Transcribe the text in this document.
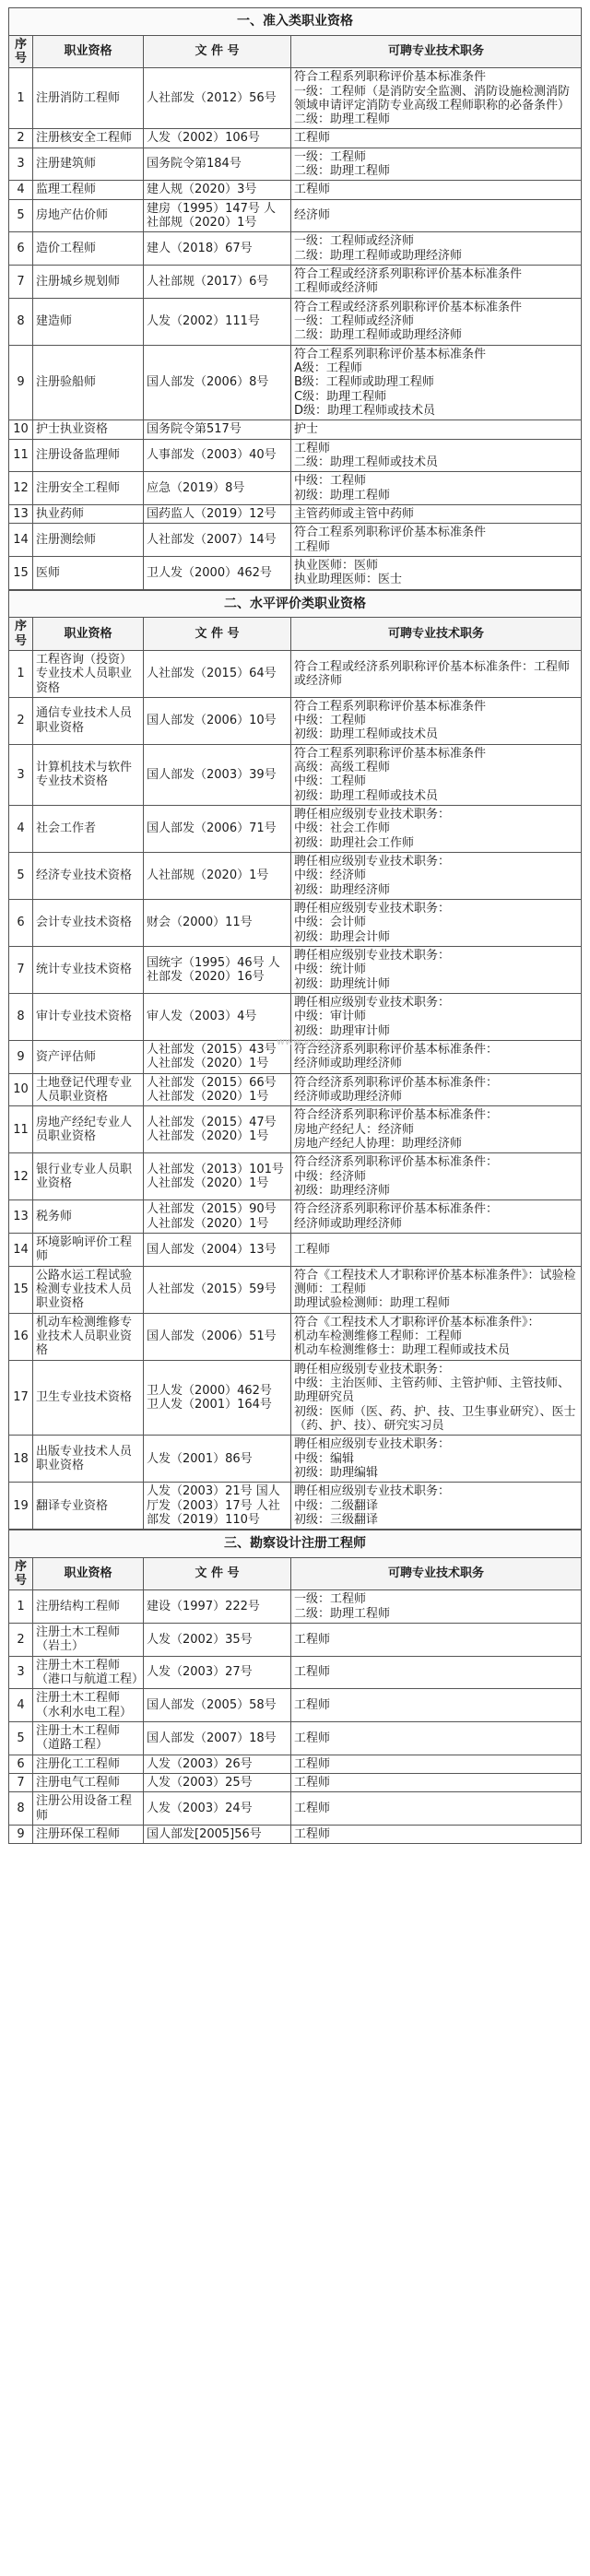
一、准入类职业资格			
序号	职业资格	文 件 号	可聘专业技术职务
1	注册消防工程师	人社部发（2012）56号	符合工程系列职称评价基本标准条件
一级：工程师（是消防安全监测、消防设施检测消防领域申请评定消防专业高级工程师职称的必备条件）
二级：助理工程师
2	注册核安全工程师	人发（2002）106号	工程师
3	注册建筑师	国务院令第184号	一级：工程师
二级：助理工程师
4	监理工程师	建人规（2020）3号	工程师
5	房地产估价师	建房（1995）147号 人社部规（2020）1号	经济师
6	造价工程师	建人（2018）67号	一级：工程师或经济师
二级：助理工程师或助理经济师
7	注册城乡规划师	人社部规（2017）6号	符合工程或经济系列职称评价基本标准条件
工程师或经济师
8	建造师	人发（2002）111号	符合工程或经济系列职称评价基本标准条件
一级：工程师或经济师
二级：助理工程师或助理经济师
9	注册验船师	国人部发（2006）8号	符合工程系列职称评价基本标准条件
A级：工程师
B级：工程师或助理工程师
C级：助理工程师
D级：助理工程师或技术员
10	护士执业资格	国务院令第517号	护士
11	注册设备监理师	人事部发（2003）40号	工程师
二级：助理工程师或技术员
12	注册安全工程师	应急（2019）8号	中级：工程师
初级：助理工程师
13	执业药师	国药监人（2019）12号	主管药师或主管中药师
14	注册测绘师	人社部发（2007）14号	符合工程系列职称评价基本标准条件
工程师
15	医师	卫人发（2000）462号	执业医师：医师
执业助理医师：医士
二、水平评价类职业资格			
序号	职业资格	文 件 号	可聘专业技术职务
1	工程咨询（投资）专业技术人员职业资格	人社部发（2015）64号	符合工程或经济系列职称评价基本标准条件：工程师或经济师
2	通信专业技术人员职业资格	国人部发（2006）10号	符合工程系列职称评价基本标准条件
中级：工程师
初级：助理工程师或技术员
3	计算机技术与软件专业技术资格	国人部发（2003）39号	符合工程系列职称评价基本标准条件
高级：高级工程师
中级：工程师
初级：助理工程师或技术员
4	社会工作者	国人部发（2006）71号	聘任相应级别专业技术职务：
中级：社会工作师
初级：助理社会工作师
5	经济专业技术资格	人社部规（2020）1号	聘任相应级别专业技术职务：
中级：经济师
初级：助理经济师
6	会计专业技术资格	财会（2000）11号	聘任相应级别专业技术职务：
中级：会计师
初级：助理会计师
7	统计专业技术资格	国统字（1995）46号 人社部发（2020）16号	聘任相应级别专业技术职务：
中级：统计师
初级：助理统计师
8	审计专业技术资格	审人发（2003）4号	聘任相应级别专业技术职务：
中级：审计师
初级：助理审计师
9	资产评估师	人社部发（2015）43号 人社部发（2020）1号	符合经济系列职称评价基本标准条件：
经济师或助理经济师
10	土地登记代理专业人员职业资格	人社部发（2015）66号 人社部发（2020）1号	符合经济系列职称评价基本标准条件：
经济师或助理经济师
11	房地产经纪专业人员职业资格	人社部发（2015）47号 人社部发（2020）1号	符合经济系列职称评价基本标准条件：
房地产经纪人：经济师
房地产经纪人协理：助理经济师
12	银行业专业人员职业资格	人社部发（2013）101号 人社部发（2020）1号	符合经济系列职称评价基本标准条件：
中级：经济师
初级：助理经济师
13	税务师	人社部发（2015）90号 人社部发（2020）1号	符合经济系列职称评价基本标准条件：
经济师或助理经济师
14	环境影响评价工程师	国人部发（2004）13号	工程师
15	公路水运工程试验检测专业技术人员职业资格	人社部发（2015）59号	符合《工程技术人才职称评价基本标准条件》：试验检测师：工程师
助理试验检测师：助理工程师
16	机动车检测维修专业技术人员职业资格	国人部发（2006）51号	符合《工程技术人才职称评价基本标准条件》：
机动车检测维修工程师：工程师
机动车检测维修士：助理工程师或技术员
17	卫生专业技术资格	卫人发（2000）462号 卫人发（2001）164号	聘任相应级别专业技术职务：
中级：主治医师、主管药师、主管护师、主管技师、助理研究员
初级：医师（医、药、护、技、卫生事业研究）、医士（药、护、技）、研究实习员
18	出版专业技术人员职业资格	人发（2001）86号	聘任相应级别专业技术职务：
中级：编辑
初级：助理编辑
19	翻译专业资格	人发（2003）21号 国人厅发（2003）17号 人社部发（2019）110号	聘任相应级别专业技术职务：
中级：二级翻译
初级：三级翻译
三、勘察设计注册工程师			
序号	职业资格	文 件 号	可聘专业技术职务
1	注册结构工程师	建设（1997）222号	一级：工程师
二级：助理工程师
2	注册土木工程师（岩土）	人发（2002）35号	工程师
3	注册土木工程师（港口与航道工程）	人发（2003）27号	工程师
4	注册土木工程师（水利水电工程）	国人部发（2005）58号	工程师
5	注册土木工程师（道路工程）	国人部发（2007）18号	工程师
6	注册化工工程师	人发（2003）26号	工程师
7	注册电气工程师	人发（2003）25号	工程师
8	注册公用设备工程师	人发（2003）24号	工程师
9	注册环保工程师	国人部发[2005]56号	工程师
www.vgx.cn
